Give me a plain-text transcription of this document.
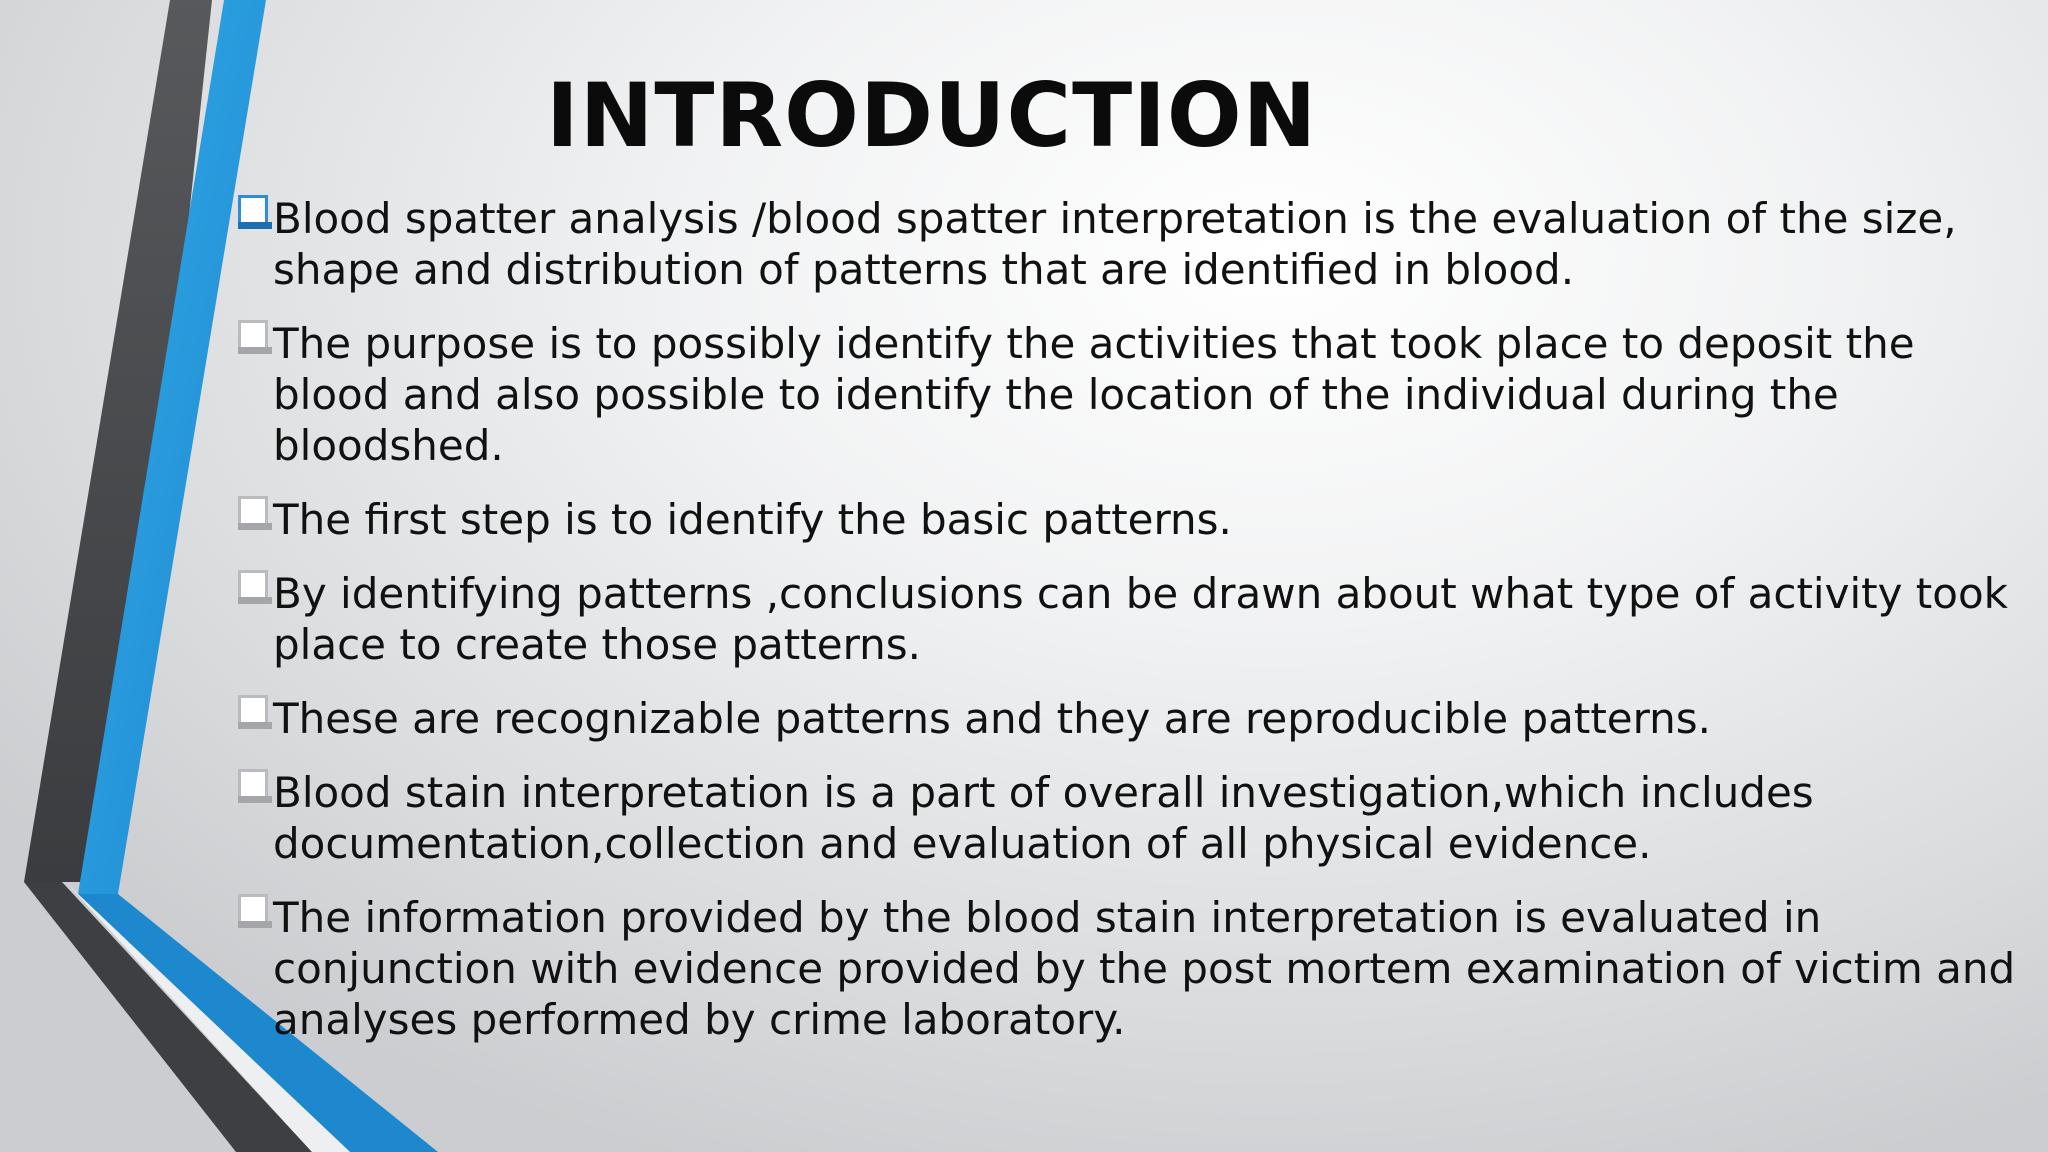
INTRODUCTION
Blood spatter analysis /blood spatter interpretation is the evaluation of the size, shape and distribution of patterns that are identified in blood.
The purpose is to possibly identify the activities that took place to deposit the blood and also possible to identify the location of the individual during the bloodshed.
The first step is to identify the basic patterns.
By identifying patterns ,conclusions can be drawn about what type of activity took place to create those patterns.
These are recognizable patterns and they are reproducible patterns.
Blood stain interpretation is a part of overall investigation,which includes documentation,collection and evaluation of all physical evidence.
The information provided by the blood stain interpretation is evaluated in conjunction with evidence provided by the post mortem examination of victim and analyses performed by crime laboratory.
